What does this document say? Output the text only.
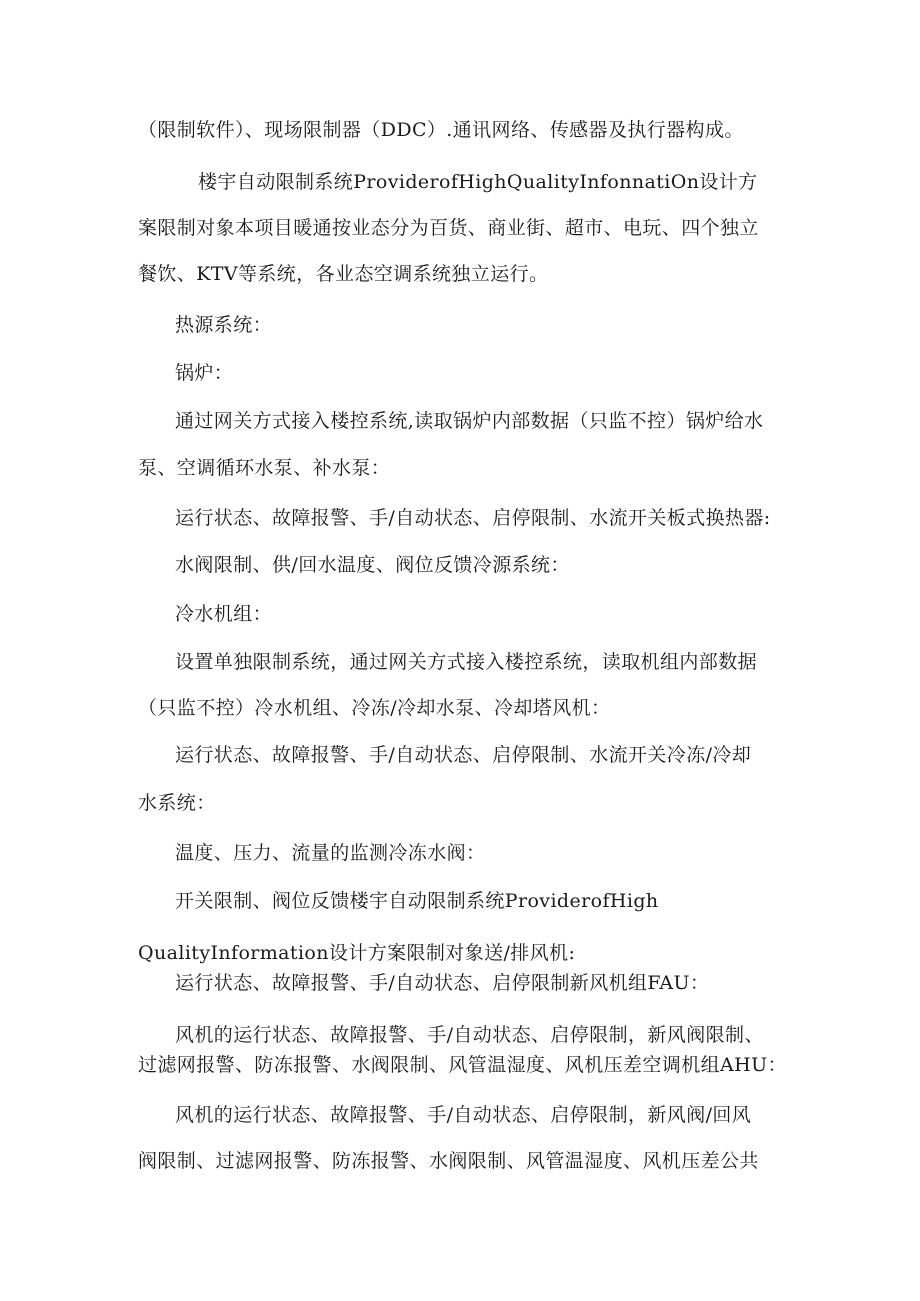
（限制软件）、现场限制器（DDC）.通讯网络、传感器及执行器构成。
楼宇自动限制系统ProviderofHighQualityInfonnatiOn设计方
案限制对象本项目暖通按业态分为百货、商业街、超市、电玩、四个独立
餐饮、KTV等系统，各业态空调系统独立运行。
热源系统：
锅炉：
通过网关方式接入楼控系统,读取锅炉内部数据（只监不控）锅炉给水
泵、空调循环水泵、补水泵：
运行状态、故障报警、手/自动状态、启停限制、水流开关板式换热器:
水阀限制、供/回水温度、阀位反馈冷源系统：
冷水机组：
设置单独限制系统，通过网关方式接入楼控系统，读取机组内部数据
（只监不控）冷水机组、冷冻/冷却水泵、冷却塔风机：
运行状态、故障报警、手/自动状态、启停限制、水流开关冷冻/冷却
水系统：
温度、压力、流量的监测冷冻水阀：
开关限制、阀位反馈楼宇自动限制系统ProviderofHigh
QualityInformation设计方案限制对象送/排风机:
运行状态、故障报警、手/自动状态、启停限制新风机组FAU：
风机的运行状态、故障报警、手/自动状态、启停限制，新风阀限制、
过滤网报警、防冻报警、水阀限制、风管温湿度、风机压差空调机组AHU：
风机的运行状态、故障报警、手/自动状态、启停限制，新风阀/回风
阀限制、过滤网报警、防冻报警、水阀限制、风管温湿度、风机压差公共
